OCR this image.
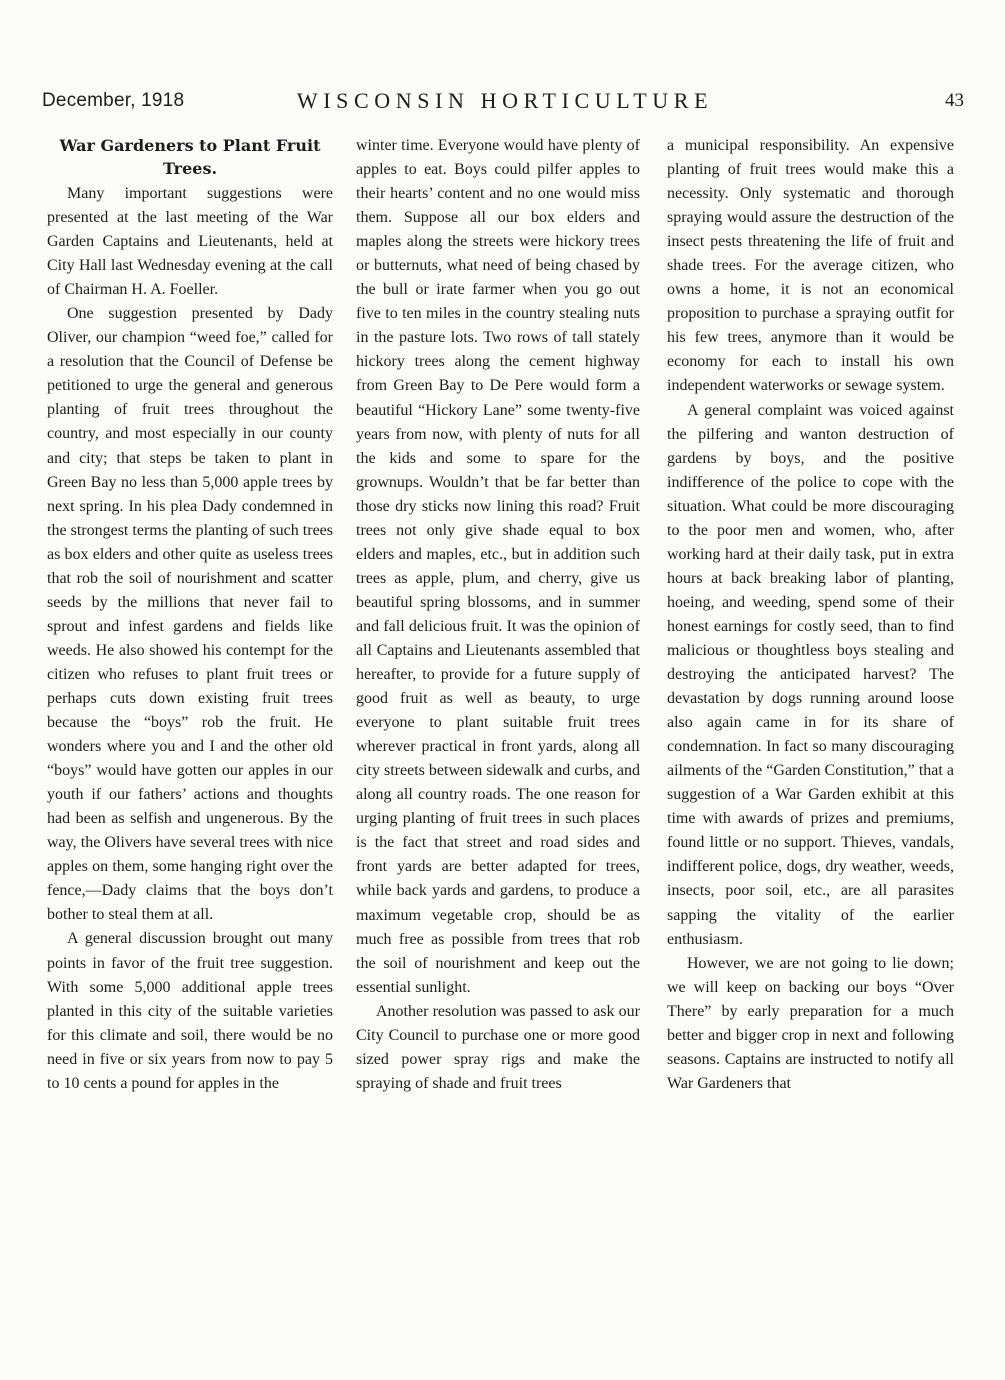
December, 1918	WISCONSIN HORTICULTURE	43
War Gardeners to Plant Fruit Trees.

Many important suggestions were presented at the last meeting of the War Garden Captains and Lieutenants, held at City Hall last Wednesday evening at the call of Chairman H. A. Foeller.

One suggestion presented by Dady Oliver, our champion “weed foe,” called for a resolution that the Council of Defense be petitioned to urge the general and generous planting of fruit trees throughout the country, and most especially in our county and city; that steps be taken to plant in Green Bay no less than 5,000 apple trees by next spring. In his plea Dady condemned in the strongest terms the planting of such trees as box elders and other quite as useless trees that rob the soil of nourishment and scatter seeds by the millions that never fail to sprout and infest gardens and fields like weeds. He also showed his contempt for the citizen who refuses to plant fruit trees or perhaps cuts down existing fruit trees because the “boys” rob the fruit. He wonders where you and I and the other old “boys” would have gotten our apples in our youth if our fathers’ actions and thoughts had been as selfish and ungenerous. By the way, the Olivers have several trees with nice apples on them, some hanging right over the fence,—Dady claims that the boys don’t bother to steal them at all.

A general discussion brought out many points in favor of the fruit tree suggestion. With some 5,000 additional apple trees planted in this city of the suitable varieties for this climate and soil, there would be no need in five or six years from now to pay 5 to 10 cents a pound for apples in the

winter time. Everyone would have plenty of apples to eat. Boys could pilfer apples to their hearts’ content and no one would miss them. Suppose all our box elders and maples along the streets were hickory trees or butternuts, what need of being chased by the bull or irate farmer when you go out five to ten miles in the country stealing nuts in the pasture lots. Two rows of tall stately hickory trees along the cement highway from Green Bay to De Pere would form a beautiful “Hickory Lane” some twenty-five years from now, with plenty of nuts for all the kids and some to spare for the grownups. Wouldn’t that be far better than those dry sticks now lining this road? Fruit trees not only give shade equal to box elders and maples, etc., but in addition such trees as apple, plum, and cherry, give us beautiful spring blossoms, and in summer and fall delicious fruit. It was the opinion of all Captains and Lieutenants assembled that hereafter, to provide for a future supply of good fruit as well as beauty, to urge everyone to plant suitable fruit trees wherever practical in front yards, along all city streets between sidewalk and curbs, and along all country roads. The one reason for urging planting of fruit trees in such places is the fact that street and road sides and front yards are better adapted for trees, while back yards and gardens, to produce a maximum vegetable crop, should be as much free as possible from trees that rob the soil of nourishment and keep out the essential sunlight.

Another resolution was passed to ask our City Council to purchase one or more good sized power spray rigs and make the spraying of shade and fruit trees

a municipal responsibility. An expensive planting of fruit trees would make this a necessity. Only systematic and thorough spraying would assure the destruction of the insect pests threatening the life of fruit and shade trees. For the average citizen, who owns a home, it is not an economical proposition to purchase a spraying outfit for his few trees, anymore than it would be economy for each to install his own independent waterworks or sewage system.

A general complaint was voiced against the pilfering and wanton destruction of gardens by boys, and the positive indifference of the police to cope with the situation. What could be more discouraging to the poor men and women, who, after working hard at their daily task, put in extra hours at back breaking labor of planting, hoeing, and weeding, spend some of their honest earnings for costly seed, than to find malicious or thoughtless boys stealing and destroying the anticipated harvest? The devastation by dogs running around loose also again came in for its share of condemnation. In fact so many discouraging ailments of the “Garden Constitution,” that a suggestion of a War Garden exhibit at this time with awards of prizes and premiums, found little or no support. Thieves, vandals, indifferent police, dogs, dry weather, weeds, insects, poor soil, etc., are all parasites sapping the vitality of the earlier enthusiasm.

However, we are not going to lie down; we will keep on backing our boys “Over There” by early preparation for a much better and bigger crop in next and following seasons. Captains are instructed to notify all War Gardeners that
